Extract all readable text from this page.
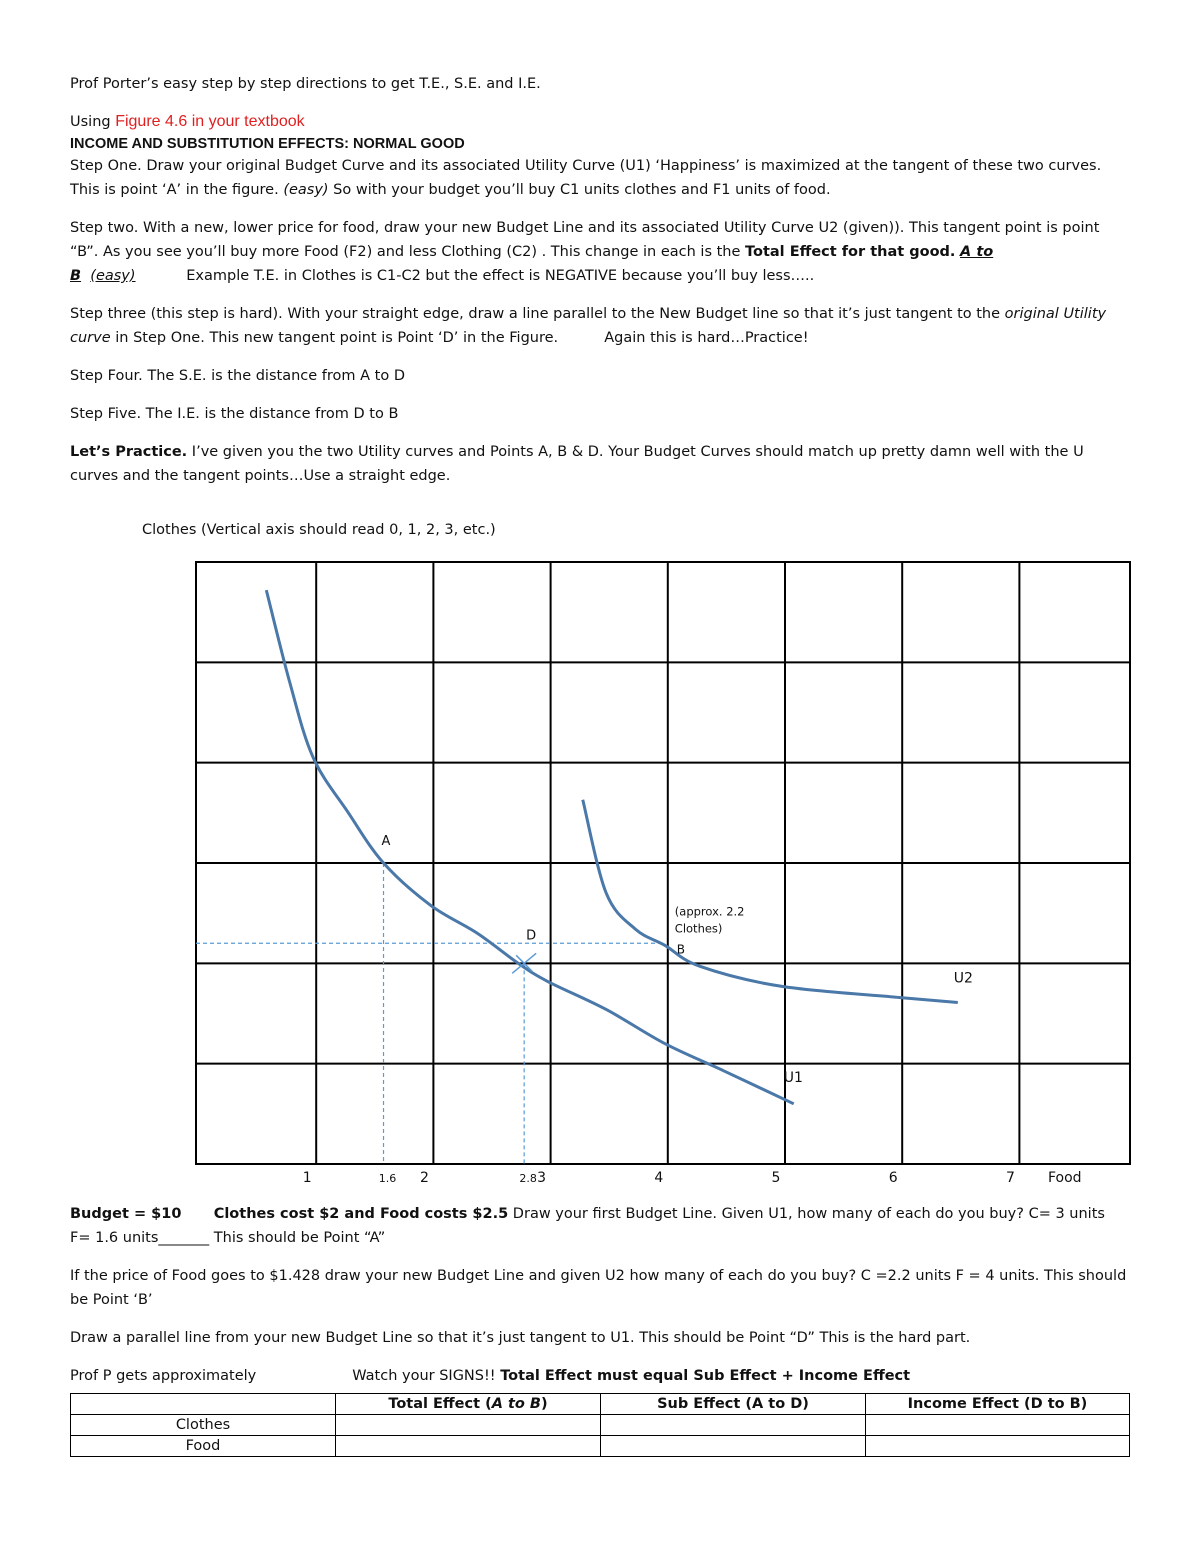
Prof Porter’s easy step by step directions to get T.E., S.E. and I.E.

Using Figure 4.6 in your textbook

INCOME AND SUBSTITUTION EFFECTS: NORMAL GOOD

Step One. Draw your original Budget Curve and its associated Utility Curve (U1) ‘Happiness’ is maximized at the tangent of these two curves. This is point ‘A’ in the figure. (easy) So with your budget you’ll buy C1 units clothes and F1 units of food.

Step two. With a new, lower price for food, draw your new Budget Line and its associated Utility Curve U2 (given)). This tangent point is point “B”. As you see you’ll buy more Food (F2) and less Clothing (C2) . This change in each is the Total Effect for that good. A to B (easy)	Example T.E. in Clothes is C1-C2 but the effect is NEGATIVE because you’ll buy less…..

Step three (this step is hard). With your straight edge, draw a line parallel to the New Budget line so that it’s just tangent to the original Utility curve in Step One. This new tangent point is Point ‘D’ in the Figure.	Again this is hard…Practice!

Step Four. The S.E. is the distance from A to D

Step Five. The I.E. is the distance from D to B

Let’s Practice. I’ve given you the two Utility curves and Points A, B & D. Your Budget Curves should match up pretty damn well with the U curves and the tangent points…Use a straight edge.

Clothes (Vertical axis should read 0, 1, 2, 3, etc.)
1	1.6 2	2.8 3	4	5	6	7 Food
U1
U2
A
D
B
(approx. 2.2
Clothes)

Budget = $10 Clothes cost $2 and Food costs $2.5 Draw your first Budget Line. Given U1, how many of each do you buy? C= 3 units F= 1.6 units_______ This should be Point “A”

If the price of Food goes to $1.428 draw your new Budget Line and given U2 how many of each do you buy? C =2.2 units F = 4 units. This should be Point ‘B’

Draw a parallel line from your new Budget Line so that it’s just tangent to U1. This should be Point “D” This is the hard part.

Prof P gets approximately	Watch your SIGNS!! Total Effect must equal Sub Effect + Income Effect

	Total Effect (A to B)	Sub Effect (A to D)	Income Effect (D to B)
Clothes			
Food			
